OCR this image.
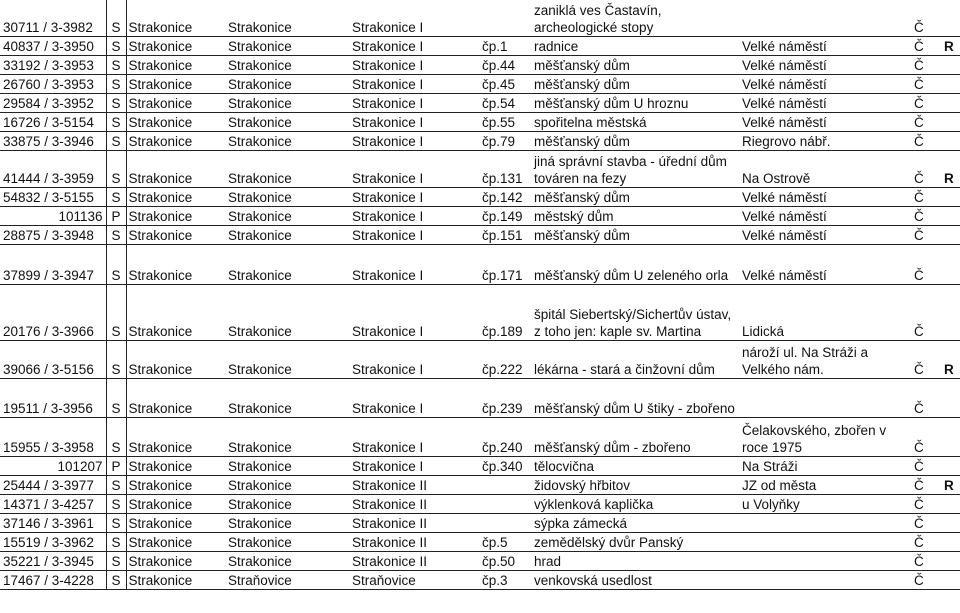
30711 / 3-3982	S	Strakonice	Strakonice	Strakonice I		zaniklá ves Častavín, archeologické stopy		Č	
40837 / 3-3950	S	Strakonice	Strakonice	Strakonice I	čp.1	radnice	Velké náměstí	Č	R
33192 / 3-3953	S	Strakonice	Strakonice	Strakonice I	čp.44	měšťanský dům	Velké náměstí	Č	
26760 / 3-3953	S	Strakonice	Strakonice	Strakonice I	čp.45	měšťanský dům	Velké náměstí	Č	
29584 / 3-3952	S	Strakonice	Strakonice	Strakonice I	čp.54	měšťanský dům U hroznu	Velké náměstí	Č	
16726 / 3-5154	S	Strakonice	Strakonice	Strakonice I	čp.55	spořitelna městská	Velké náměstí	Č	
33875 / 3-3946	S	Strakonice	Strakonice	Strakonice I	čp.79	měšťanský dům	Riegrovo nábř.	Č	
41444 / 3-3959	S	Strakonice	Strakonice	Strakonice I	čp.131	jiná správní stavba - úřední dům továren na fezy	Na Ostrově	Č	R
54832 / 3-5155	S	Strakonice	Strakonice	Strakonice I	čp.142	měšťanský dům	Velké náměstí	Č	
101136	P	Strakonice	Strakonice	Strakonice I	čp.149	městský dům	Velké náměstí	Č	
28875 / 3-3948	S	Strakonice	Strakonice	Strakonice I	čp.151	měšťanský dům	Velké náměstí	Č	
37899 / 3-3947	S	Strakonice	Strakonice	Strakonice I	čp.171	měšťanský dům U zeleného orla	Velké náměstí	Č	
20176 / 3-3966	S	Strakonice	Strakonice	Strakonice I	čp.189	špitál Siebertský/Sichertův ústav, z toho jen: kaple sv. Martina	Lidická	Č	
39066 / 3-5156	S	Strakonice	Strakonice	Strakonice I	čp.222	lékárna - stará a činžovní dům	nároží ul. Na Stráži a Velkého nám.	Č	R
19511 / 3-3956	S	Strakonice	Strakonice	Strakonice I	čp.239	měšťanský dům U štiky - zbořeno		Č	
15955 / 3-3958	S	Strakonice	Strakonice	Strakonice I	čp.240	měšťanský dům - zbořeno	Čelakovského, zbořen v roce 1975	Č	
101207	P	Strakonice	Strakonice	Strakonice I	čp.340	tělocvična	Na Stráži	Č	
25444 / 3-3977	S	Strakonice	Strakonice	Strakonice II		židovský hřbitov	JZ od města	Č	R
14371 / 3-4257	S	Strakonice	Strakonice	Strakonice II		výklenková kaplička	u Volyňky	Č	
37146 / 3-3961	S	Strakonice	Strakonice	Strakonice II		sýpka zámecká		Č	
15519 / 3-3962	S	Strakonice	Strakonice	Strakonice II	čp.5	zemědělský dvůr Panský		Č	
35221 / 3-3945	S	Strakonice	Strakonice	Strakonice II	čp.50	hrad		Č	
17467 / 3-4228	S	Strakonice	Straňovice	Straňovice	čp.3	venkovská usedlost		Č	
